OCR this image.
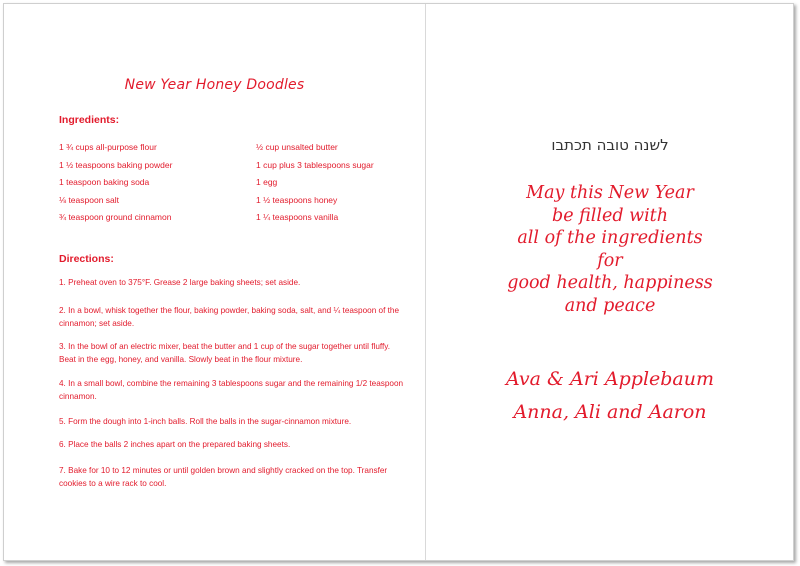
New Year Honey Doodles
Ingredients:
1 ¾ cups all-purpose flour
1 ½ teaspoons baking powder
1 teaspoon baking soda
⅛ teaspoon salt
¾ teaspoon ground cinnamon
½ cup unsalted butter
1 cup plus 3 tablespoons sugar
1 egg
1 ½ teaspoons honey
1 ¼ teaspoons vanilla
Directions:
1. Preheat oven to 375°F. Grease 2 large baking sheets; set aside.
2. In a bowl, whisk together the flour, baking powder, baking soda, salt, and ¼ teaspoon of the cinnamon; set aside.
3. In the bowl of an electric mixer, beat the butter and 1 cup of the sugar together until fluffy. Beat in the egg, honey, and vanilla. Slowly beat in the flour mixture.
4. In a small bowl, combine the remaining 3 tablespoons sugar and the remaining 1/2 teaspoon cinnamon.
5. Form the dough into 1-inch balls. Roll the balls in the sugar-cinnamon mixture.
6. Place the balls 2 inches apart on the prepared baking sheets.
7. Bake for 10 to 12 minutes or until golden brown and slightly cracked on the top. Transfer cookies to a wire rack to cool.
לשנה טובה תכתבו
May this New Year
be filled with
all of the ingredients
for
good health, happiness
and peace
Ava & Ari Applebaum
Anna, Ali and Aaron
